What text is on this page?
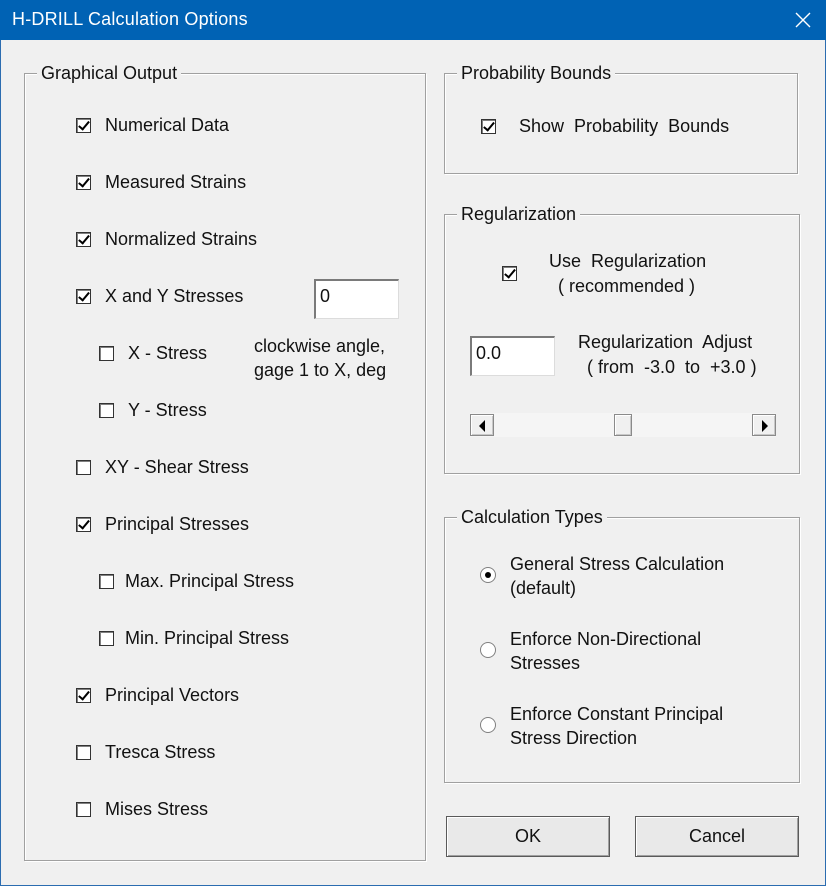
H-DRILL Calculation Options
Graphical Output
Numerical Data
Measured Strains
Normalized Strains
X and Y Stresses	0
X - Stress	clockwise angle,
gage 1 to X, deg
Y - Stress
XY - Shear Stress
Principal Stresses
Max. Principal Stress
Min. Principal Stress
Principal Vectors
Tresca Stress
Mises Stress
Probability Bounds
Show  Probability  Bounds
Regularization
Use  Regularization
( recommended )
0.0
Regularization  Adjust
( from  -3.0  to  +3.0 )
Calculation Types
General Stress Calculation
(default)
Enforce Non-Directional
Stresses
Enforce Constant Principal
Stress Direction
OK	Cancel
